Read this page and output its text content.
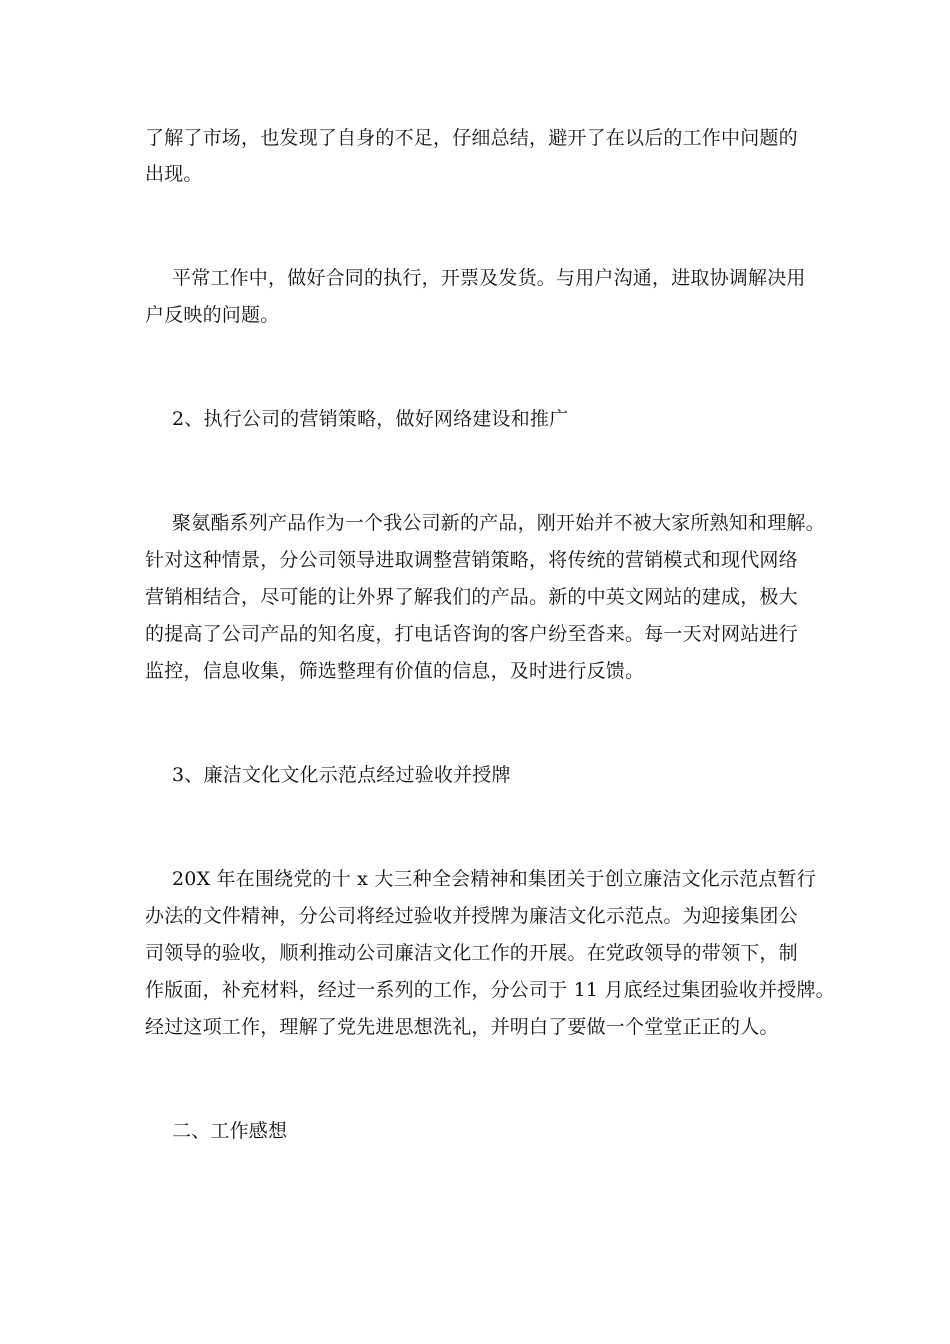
了解了市场，也发现了自身的不足，仔细总结，避开了在以后的工作中问题的
出现。
平常工作中，做好合同的执行，开票及发货。与用户沟通，进取协调解决用
户反映的问题。
2、执行公司的营销策略，做好网络建设和推广
聚氨酯系列产品作为一个我公司新的产品，刚开始并不被大家所熟知和理解。
针对这种情景，分公司领导进取调整营销策略，将传统的营销模式和现代网络
营销相结合，尽可能的让外界了解我们的产品。新的中英文网站的建成，极大
的提高了公司产品的知名度，打电话咨询的客户纷至沓来。每一天对网站进行
监控，信息收集，筛选整理有价值的信息，及时进行反馈。
3、廉洁文化文化示范点经过验收并授牌
20X 年在围绕党的十 x 大三种全会精神和集团关于创立廉洁文化示范点暂行
办法的文件精神，分公司将经过验收并授牌为廉洁文化示范点。为迎接集团公
司领导的验收，顺利推动公司廉洁文化工作的开展。在党政领导的带领下，制
作版面，补充材料，经过一系列的工作，分公司于 11 月底经过集团验收并授牌。
经过这项工作，理解了党先进思想洗礼，并明白了要做一个堂堂正正的人。
二、工作感想
